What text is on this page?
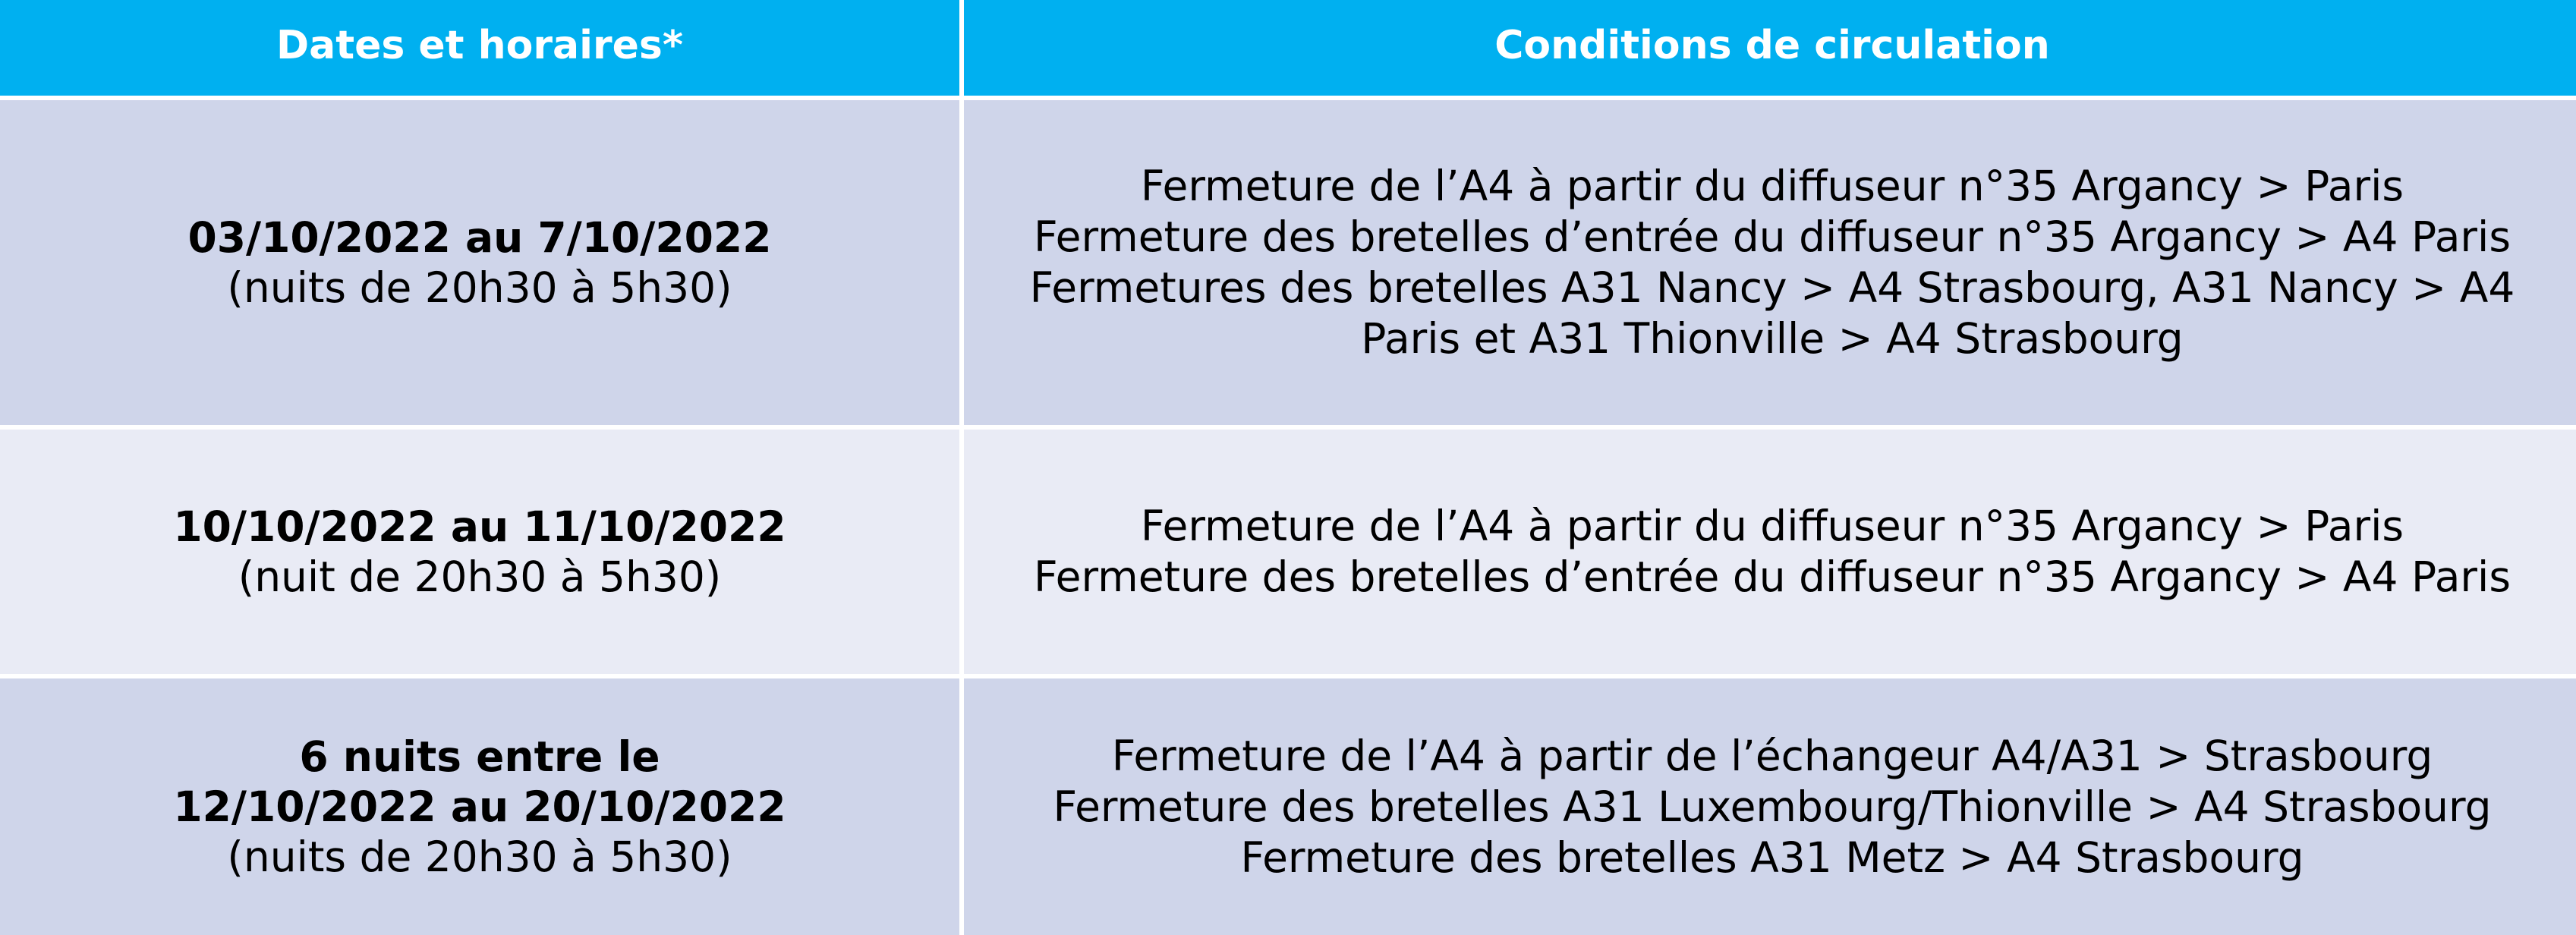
Dates et horaires*	Conditions de circulation
03/10/2022 au 7/10/2022
(nuits de 20h30 à 5h30)
Fermeture de l’A4 à partir du diffuseur n°35 Argancy > Paris
Fermeture des bretelles d’entrée du diffuseur n°35 Argancy > A4 Paris
Fermetures des bretelles A31 Nancy > A4 Strasbourg, A31 Nancy > A4
Paris et A31 Thionville > A4 Strasbourg
10/10/2022 au 11/10/2022
(nuit de 20h30 à 5h30)
Fermeture de l’A4 à partir du diffuseur n°35 Argancy > Paris
Fermeture des bretelles d’entrée du diffuseur n°35 Argancy > A4 Paris
6 nuits entre le
12/10/2022 au 20/10/2022
(nuits de 20h30 à 5h30)
Fermeture de l’A4 à partir de l’échangeur A4/A31 > Strasbourg
Fermeture des bretelles A31 Luxembourg/Thionville > A4 Strasbourg
Fermeture des bretelles A31 Metz > A4 Strasbourg
